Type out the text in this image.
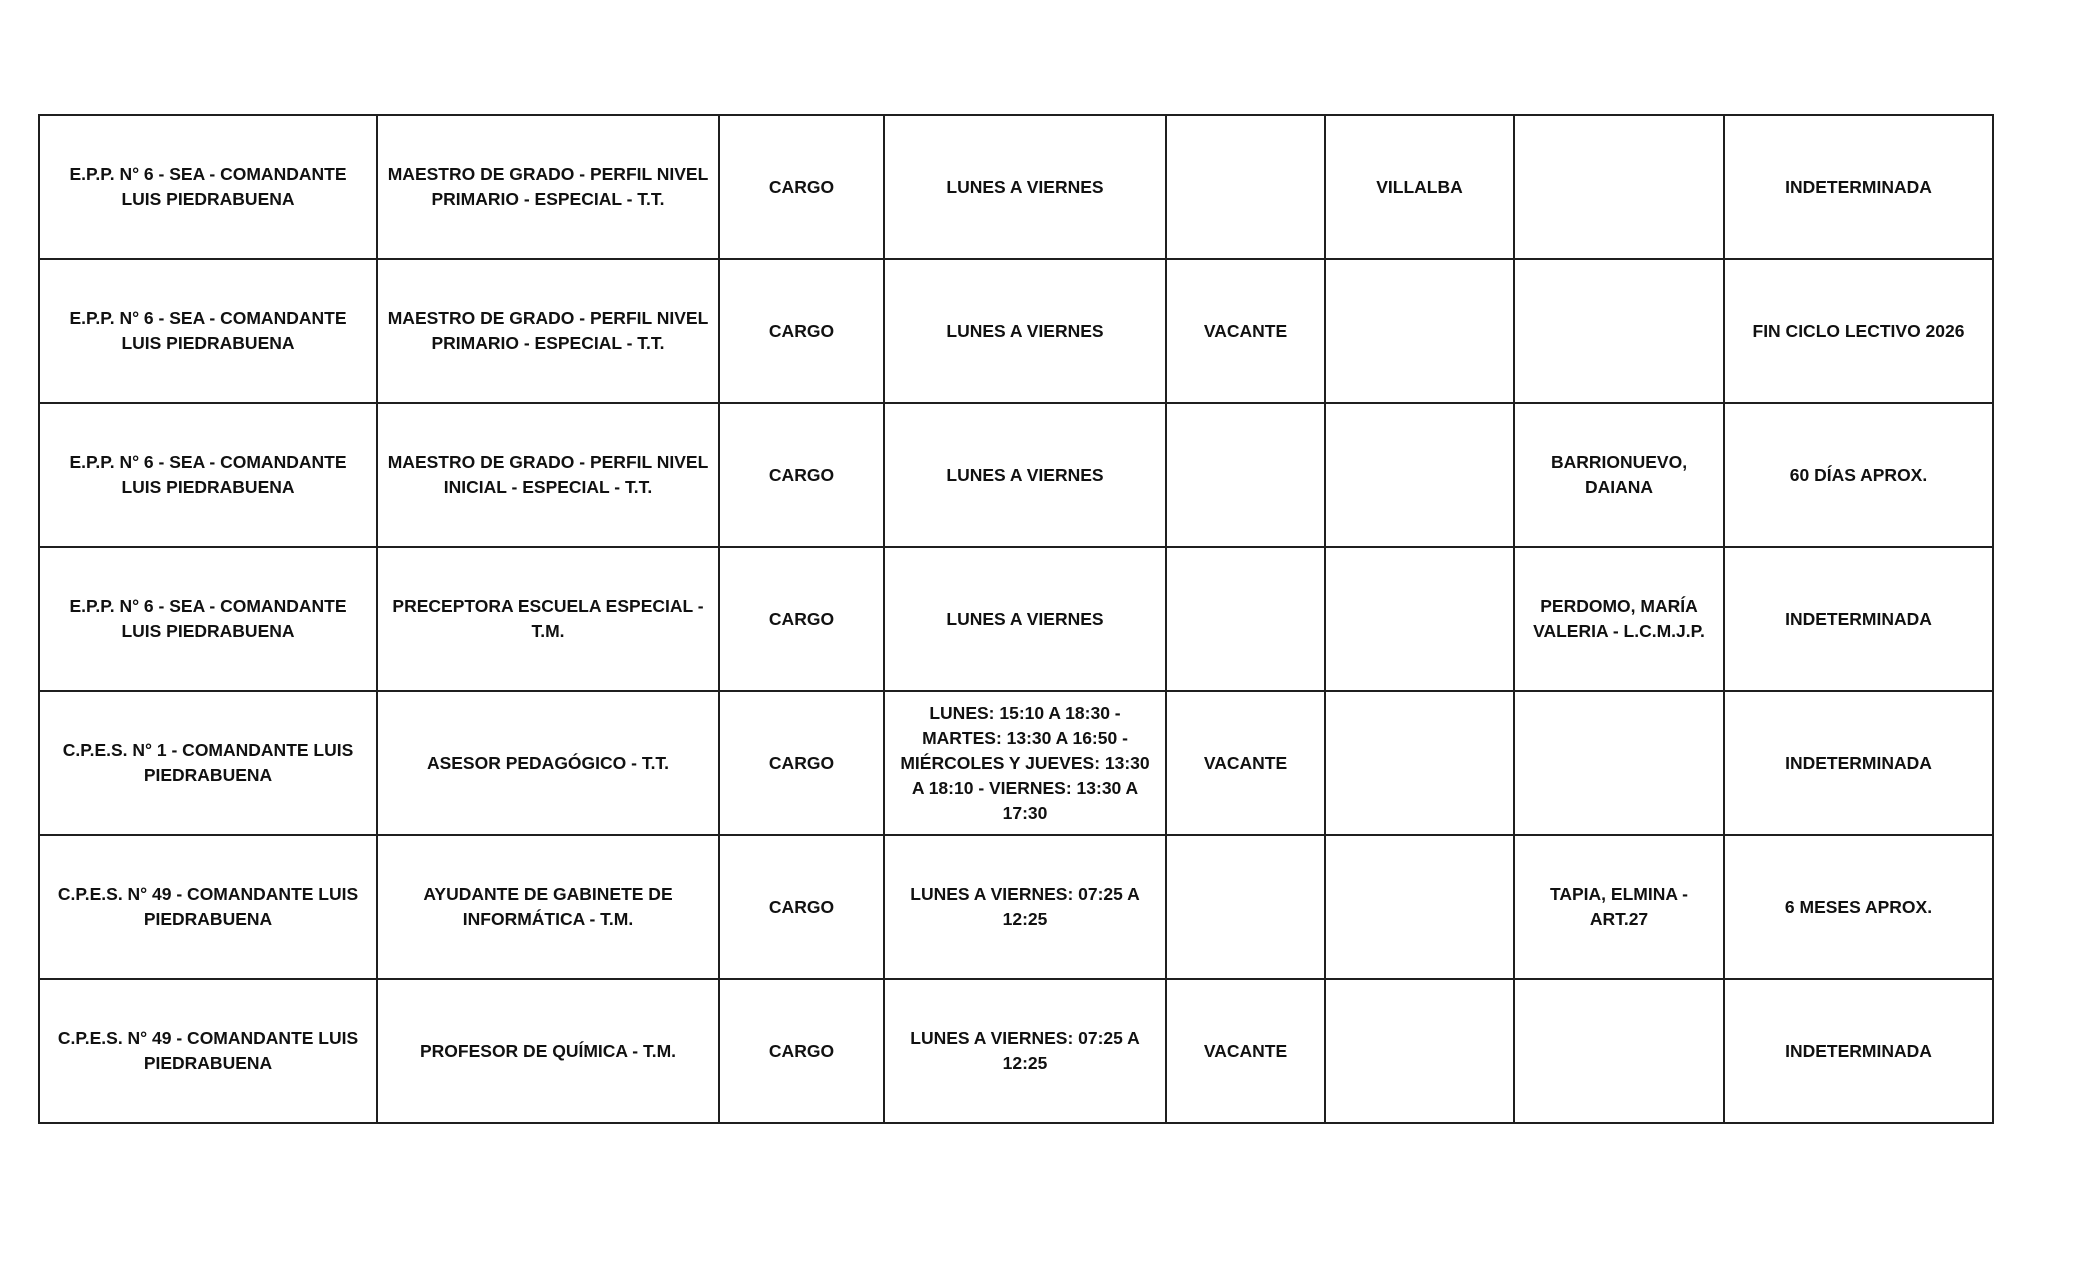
E.P.P. N° 6 - SEA - COMANDANTE LUIS PIEDRABUENA	MAESTRO DE GRADO - PERFIL NIVEL PRIMARIO - ESPECIAL - T.T.	CARGO	LUNES A VIERNES		VILLALBA		INDETERMINADA
E.P.P. N° 6 - SEA - COMANDANTE LUIS PIEDRABUENA	MAESTRO DE GRADO - PERFIL NIVEL PRIMARIO - ESPECIAL - T.T.	CARGO	LUNES A VIERNES	VACANTE			FIN CICLO LECTIVO 2026
E.P.P. N° 6 - SEA - COMANDANTE LUIS PIEDRABUENA	MAESTRO DE GRADO - PERFIL NIVEL INICIAL - ESPECIAL - T.T.	CARGO	LUNES A VIERNES			BARRIONUEVO, DAIANA	60 DÍAS APROX.
E.P.P. N° 6 - SEA - COMANDANTE LUIS PIEDRABUENA	PRECEPTORA ESCUELA ESPECIAL - T.M.	CARGO	LUNES A VIERNES			PERDOMO, MARÍA VALERIA - L.C.M.J.P.	INDETERMINADA
C.P.E.S. N° 1 - COMANDANTE LUIS PIEDRABUENA	ASESOR PEDAGÓGICO - T.T.	CARGO	LUNES: 15:10 A 18:30 - MARTES: 13:30 A 16:50 - MIÉRCOLES Y JUEVES: 13:30 A 18:10 - VIERNES: 13:30 A 17:30	VACANTE			INDETERMINADA
C.P.E.S. N° 49 - COMANDANTE LUIS PIEDRABUENA	AYUDANTE DE GABINETE DE INFORMÁTICA - T.M.	CARGO	LUNES A VIERNES: 07:25 A 12:25			TAPIA, ELMINA - ART.27	6 MESES APROX.
C.P.E.S. N° 49 - COMANDANTE LUIS PIEDRABUENA	PROFESOR DE QUÍMICA - T.M.	CARGO	LUNES A VIERNES: 07:25 A 12:25	VACANTE			INDETERMINADA
